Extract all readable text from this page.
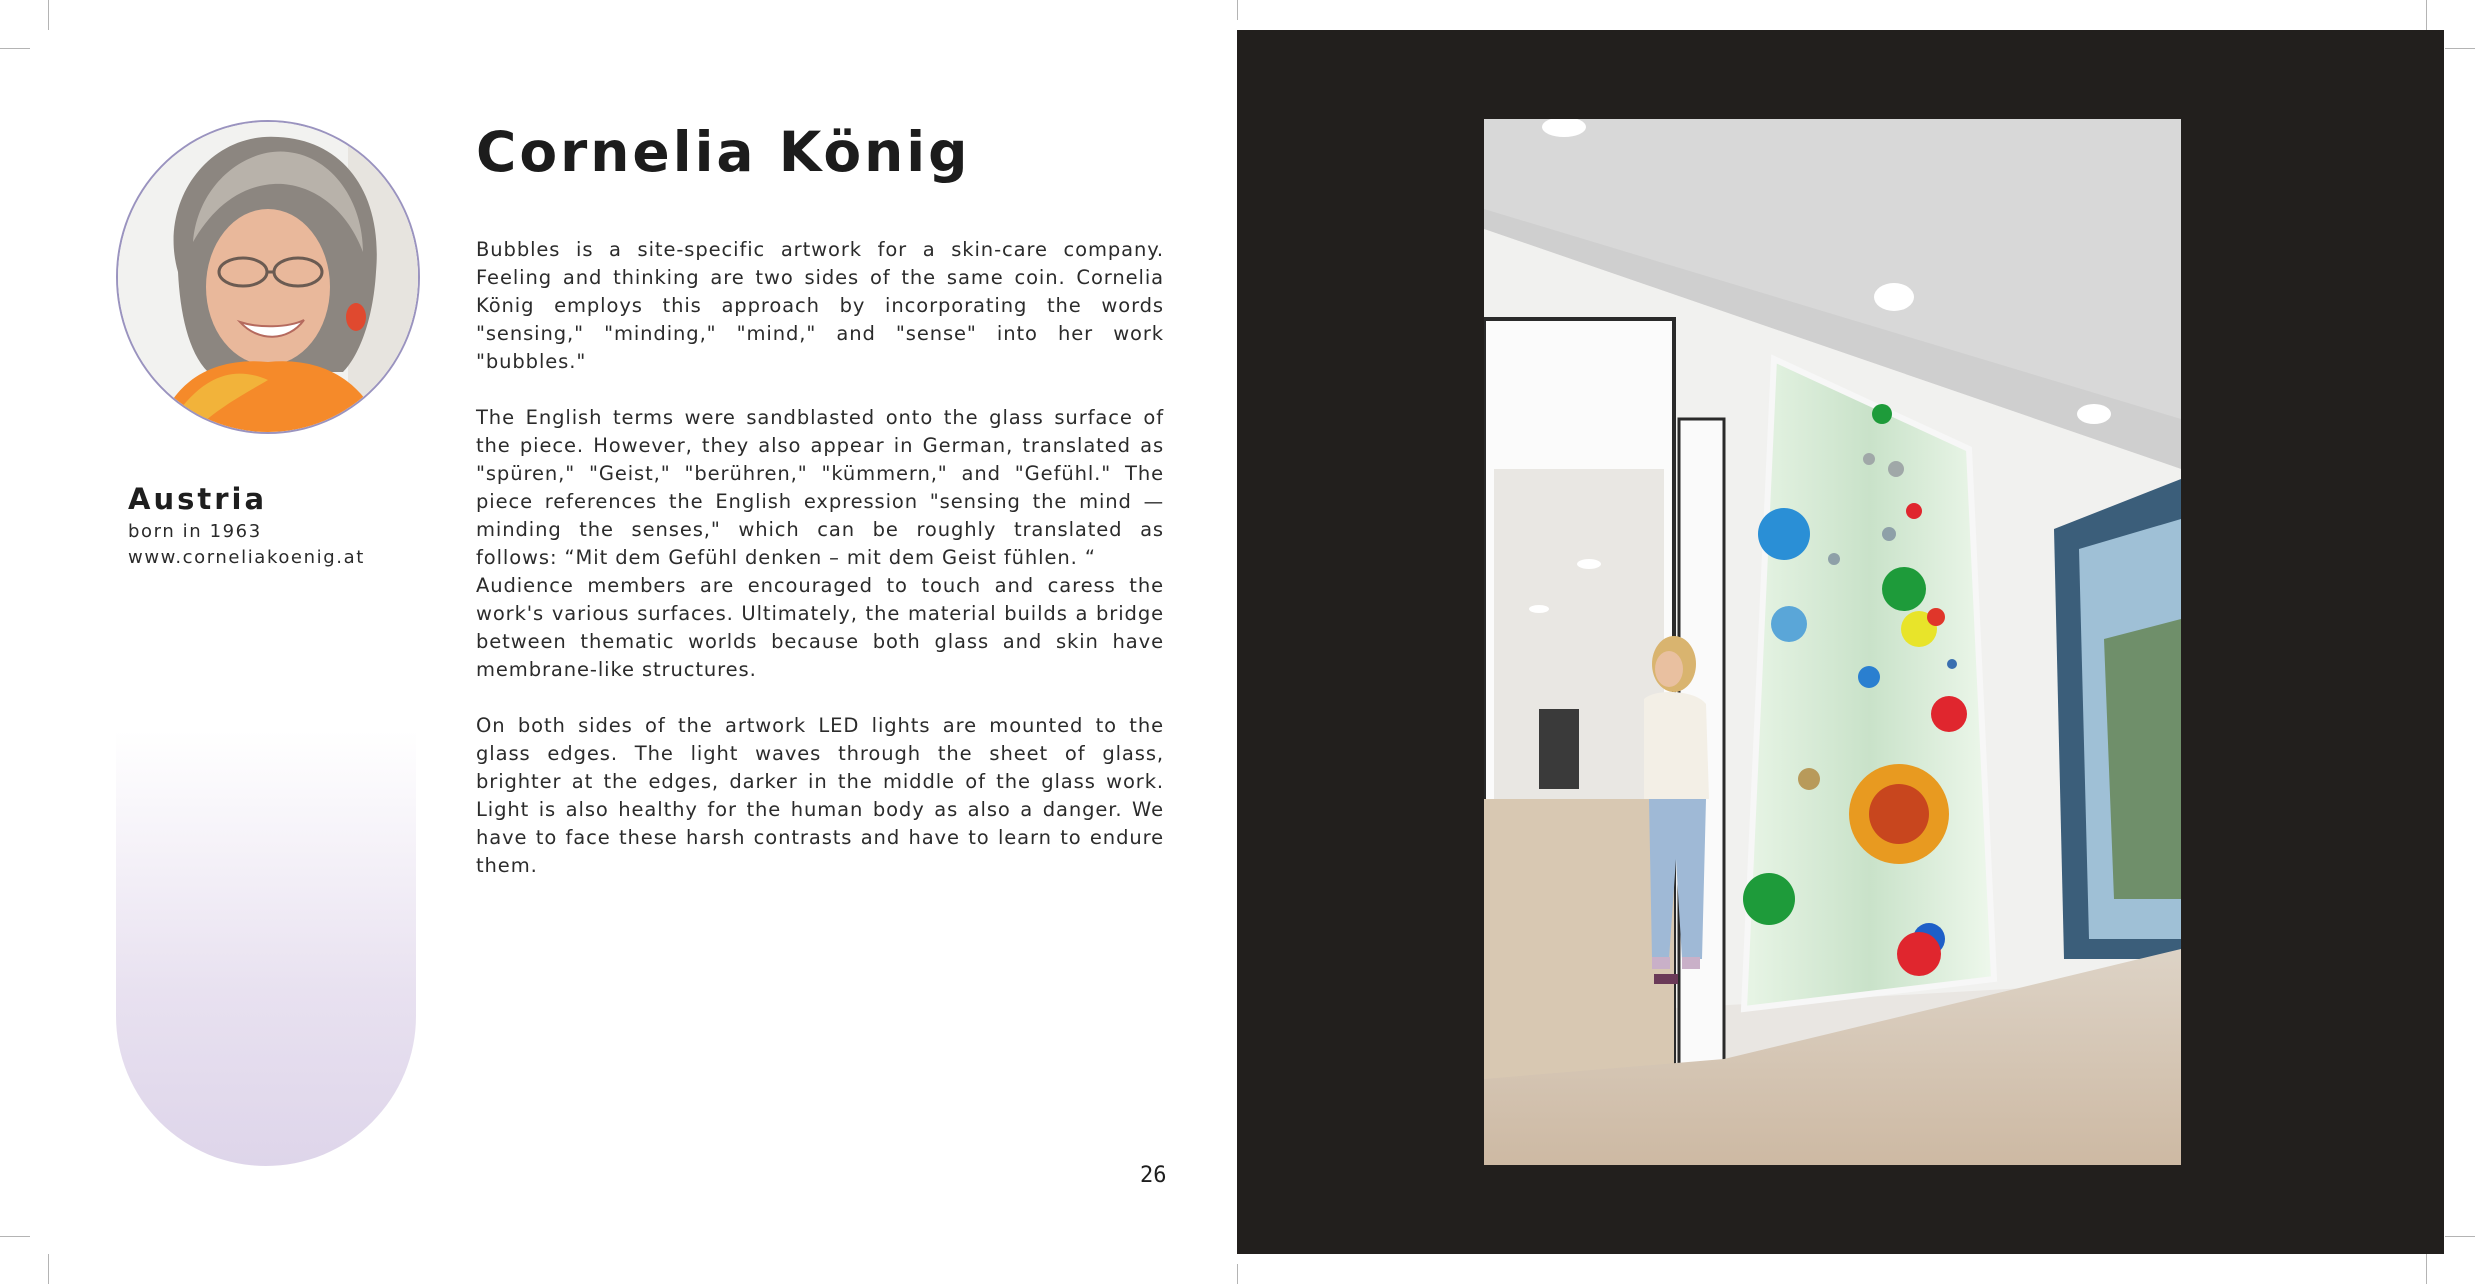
Austria
born in 1963
www.corneliakoenig.at
Cornelia König

Bubbles is a site-specific artwork for a skin-care company. Feeling and thinking are two sides of the same coin. Cornelia König employs this approach by incorporating the words "sensing," "minding," "mind," and "sense" into her work "bubbles."

The English terms were sandblasted onto the glass surface of the piece. However, they also appear in German, translated as "spüren," "Geist," "berühren," "kümmern," and "Gefühl." The piece references the English expression "sensing the mind — minding the senses," which can be roughly translated as follows: “Mit dem Gefühl denken – mit dem Geist fühlen. “

Audience members are encouraged to touch and caress the work's various surfaces. Ultimately, the material builds a bridge between thematic worlds because both glass and skin have membrane-like structures.

On both sides of the artwork LED lights are mounted to the glass edges. The light waves through the sheet of glass, brighter at the edges, darker in the middle of the glass work. Light is also healthy for the human body as also a danger. We have to face these harsh contrasts and have to learn to endure them.

26
